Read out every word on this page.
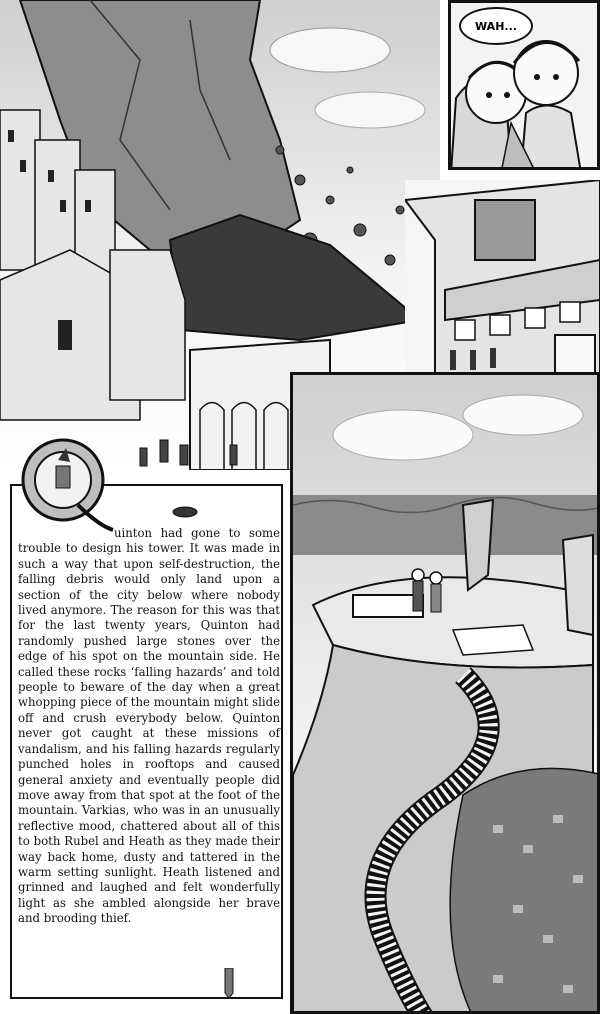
WAH...

uinton had gone to some trouble to design his tower. It was made in such a way that upon self-destruction, the falling debris would only land upon a section of the city below where nobody lived anymore. The reason for this was that for the last twenty years, Quinton had randomly pushed large stones over the edge of his spot on the mountain side. He called these rocks ‘falling hazards’ and told people to beware of the day when a great whopping piece of the mountain might slide off and crush everybody below. Quinton never got caught at these missions of vandalism, and his falling hazards regularly punched holes in rooftops and caused general anxiety and eventually people did move away from that spot at the foot of the mountain. Varkias, who was in an unusually reflective mood, chattered about all of this to both Rubel and Heath as they made their way back home, dusty and tattered in the warm setting sunlight. Heath listened and grinned and laughed and felt wonderfully light as she ambled alongside her brave and brooding thief.
